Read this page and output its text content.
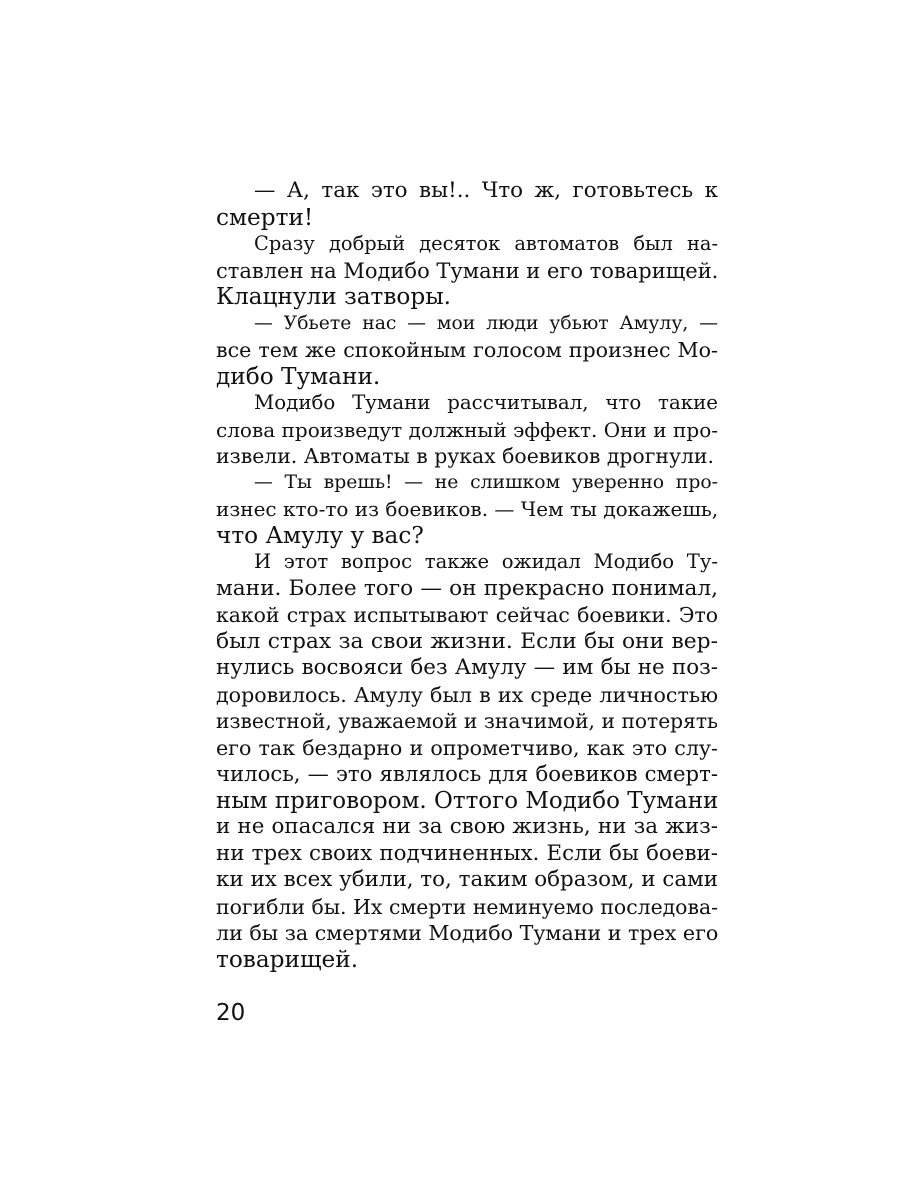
— А, так это вы!.. Что ж, готовьтесь к
смерти!
Сразу добрый десяток автоматов был на-
ставлен на Модибо Тумани и его товарищей.
Клацнули затворы.
— Убьете нас — мои люди убьют Амулу, —
все тем же спокойным голосом произнес Мо-
дибо Тумани.
Модибо Тумани рассчитывал, что такие
слова произведут должный эффект. Они и про-
извели. Автоматы в руках боевиков дрогнули.
— Ты врешь! — не слишком уверенно про-
изнес кто-то из боевиков. — Чем ты докажешь,
что Амулу у вас?
И этот вопрос также ожидал Модибо Ту-
мани. Более того — он прекрасно понимал,
какой страх испытывают сейчас боевики. Это
был страх за свои жизни. Если бы они вер-
нулись восвояси без Амулу — им бы не поз-
доровилось. Амулу был в их среде личностью
известной, уважаемой и значимой, и потерять
его так бездарно и опрометчиво, как это слу-
чилось, — это являлось для боевиков смерт-
ным приговором. Оттого Модибо Тумани
и не опасался ни за свою жизнь, ни за жиз-
ни трех своих подчиненных. Если бы боеви-
ки их всех убили, то, таким образом, и сами
погибли бы. Их смерти неминуемо последова-
ли бы за смертями Модибо Тумани и трех его
товарищей.
20
